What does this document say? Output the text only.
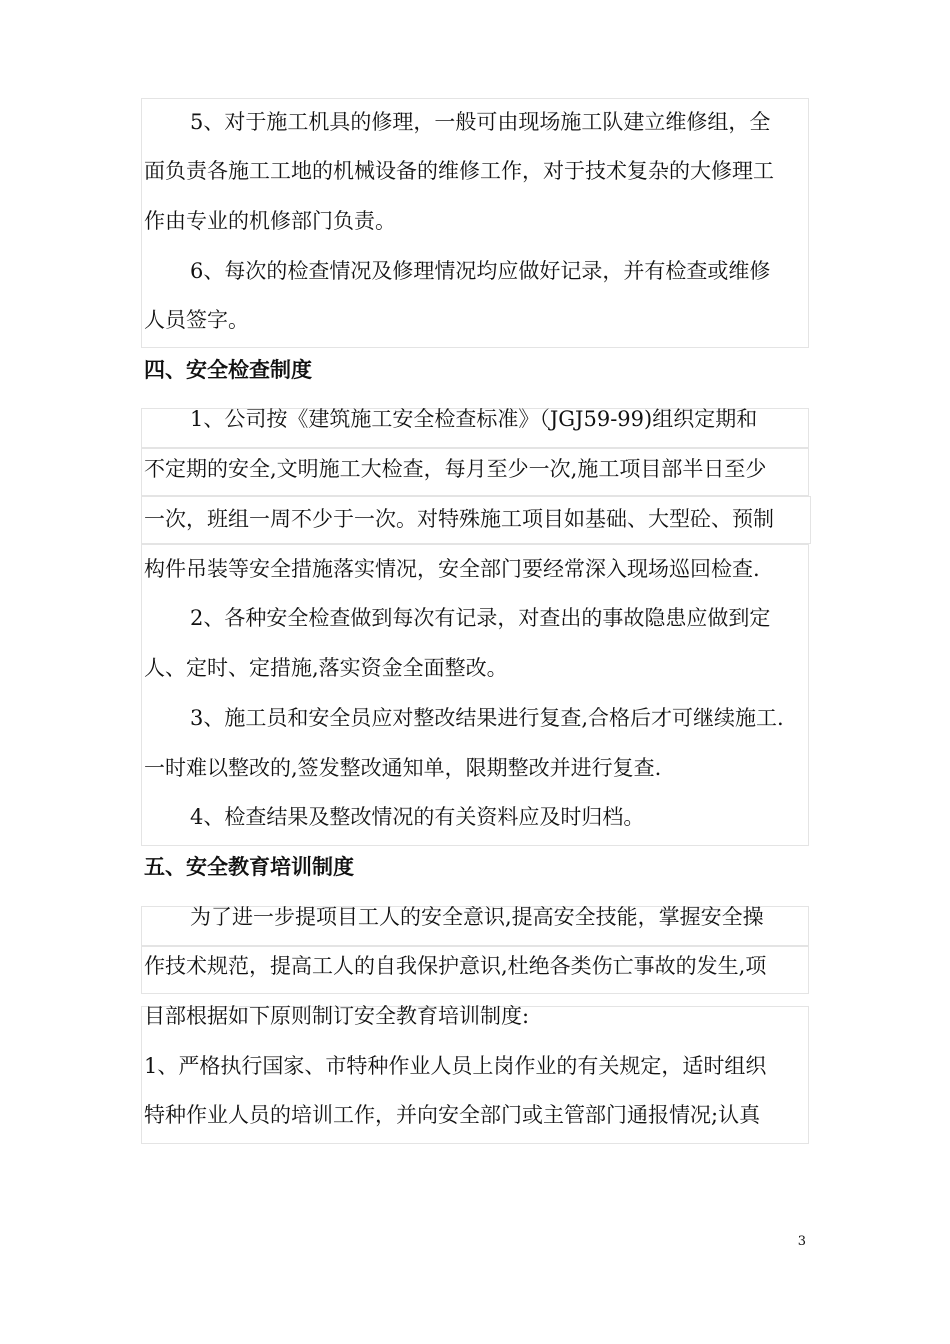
5、对于施工机具的修理，一般可由现场施工队建立维修组，全
面负责各施工工地的机械设备的维修工作，对于技术复杂的大修理工
作由专业的机修部门负责。
6、每次的检查情况及修理情况均应做好记录，并有检查或维修
人员签字。
四、安全检查制度
1、公司按《建筑施工安全检查标准》（JGJ59-99)组织定期和
不定期的安全,文明施工大检查，每月至少一次,施工项目部半日至少
一次，班组一周不少于一次。对特殊施工项目如基础、大型砼、预制
构件吊装等安全措施落实情况，安全部门要经常深入现场巡回检查.
2、各种安全检查做到每次有记录，对查出的事故隐患应做到定
人、定时、定措施,落实资金全面整改。
3、施工员和安全员应对整改结果进行复查,合格后才可继续施工.
一时难以整改的,签发整改通知单，限期整改并进行复查.
4、检查结果及整改情况的有关资料应及时归档。
五、安全教育培训制度
为了进一步提项目工人的安全意识,提高安全技能，掌握安全操
作技术规范，提高工人的自我保护意识,杜绝各类伤亡事故的发生,项
目部根据如下原则制订安全教育培训制度:
1、严格执行国家、市特种作业人员上岗作业的有关规定，适时组织
特种作业人员的培训工作，并向安全部门或主管部门通报情况;认真
3
